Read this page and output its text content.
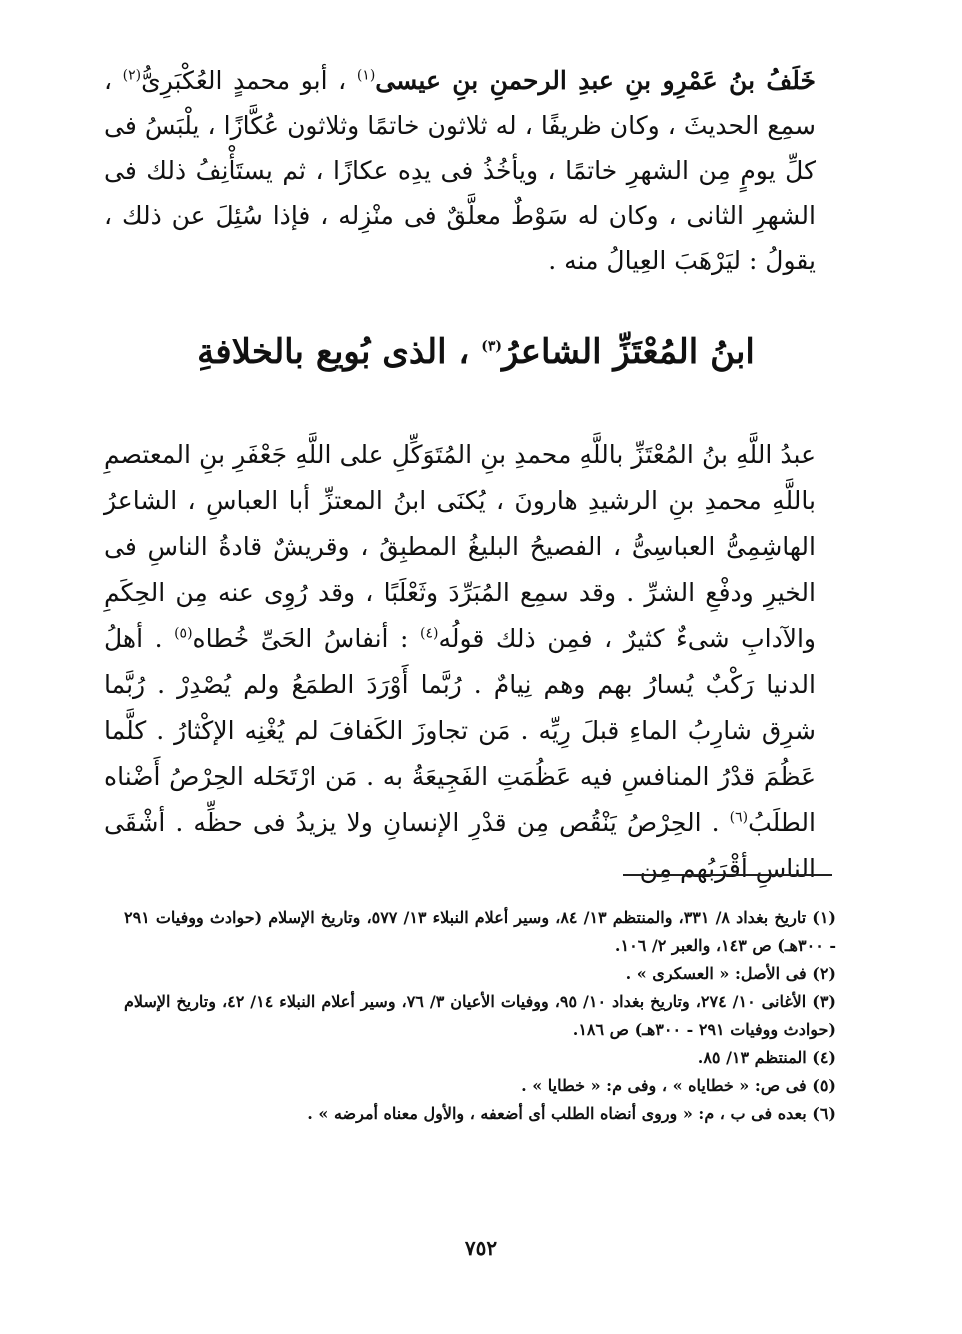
خَلَفُ بنُ عَمْرِو بنِ عبدِ الرحمنِ بنِ عيسى$^{(١)}$ ، أبو محمدٍ العُكْبَرِىُّ$^{(٢)}$ ، سمِع الحديثَ ، وكان ظريفًا ، له ثلاثون خاتمًا وثلاثون عُكَّازًا ، يلْبَسُ فى كلِّ يومٍ مِن الشهرِ خاتمًا ، ويأخُذُ فى يدِه عكازًا ، ثم يستَأْنِفُ ذلك فى الشهرِ الثانى ، وكان له سَوْطٌ معلَّقٌ فى منْزِله ، فإذا سُئِلَ عن ذلك ، يقولُ : ليَرْهَبَ العِيالُ منه .

ابنُ المُعْتَزِّ الشاعرُ$^{(٣)}$ ، الذى بُويع بالخلافةِ

عبدُ اللَّهِ بنُ المُعْتَزِّ باللَّهِ محمدِ بنِ المُتَوَكِّلِ على اللَّهِ جَعْفَرِ بنِ المعتصمِ باللَّهِ محمدِ بنِ الرشيدِ هارونَ ، يُكنَى ابنُ المعتزِّ أبا العباسِ ، الشاعرُ الهاشِمِىُّ العباسِىُّ ، الفصيحُ البليغُ المطبِقُ ، وقريشٌ قادةُ الناسِ فى الخيرِ ودفْعِ الشرِّ . وقد سمِع المُبَرِّدَ وثَعْلَبًا ، وقد رُوِى عنه مِن الحِكَمِ والآدابِ شىءٌ كثيرٌ ، فمِن ذلك قولُه$^{(٤)}$ : أنفاسُ الحَىِّ خُطاه$^{(٥)}$ . أهلُ الدنيا رَكْبٌ يُسارُ بهم وهم نِيامٌ . رُبَّما أَوْرَدَ الطمَعُ ولم يُصْدِرْ . رُبَّما شرِق شارِبُ الماءِ قبلَ رِيِّه . مَن تجاوزَ الكَفافَ لم يُغْنِه الإكْثارُ . كلَّما عَظُمَ قدْرُ المنافسِ فيه عَظُمَتِ الفَجِيعَةُ به . مَن ارْتَحَله الحِرْصُ أَضْناه الطلَبُ$^{(٦)}$ . الحِرْصُ يَنْقُص مِن قدْرِ الإنسانِ ولا يزيدُ فى حظِّه . أشْقَى الناسِ أقْرَبُهم مِن

(١) تاريخ بغداد ٨/ ٣٣١، والمنتظم ١٣/ ٨٤، وسير أعلام النبلاء ١٣/ ٥٧٧، وتاريخ الإسلام (حوادث ووفيات ٢٩١ - ٣٠٠هـ) ص ١٤٣، والعبر ٢/ ١٠٦.
(٢) فى الأصل: « العسكرى » .
(٣) الأغانى ١٠/ ٢٧٤، وتاريخ بغداد ١٠/ ٩٥، ووفيات الأعيان ٣/ ٧٦، وسير أعلام النبلاء ١٤/ ٤٢، وتاريخ الإسلام (حوادث ووفيات ٢٩١ - ٣٠٠هـ) ص ١٨٦.
(٤) المنتظم ١٣/ ٨٥.
(٥) فى ص: « خطاياه » ، وفى م: « خطايا » .
(٦) بعده فى ب ، م: « وروى أنضاه الطلب أى أضعفه ، والأول معناه أمرضه » .
٧٥٢
